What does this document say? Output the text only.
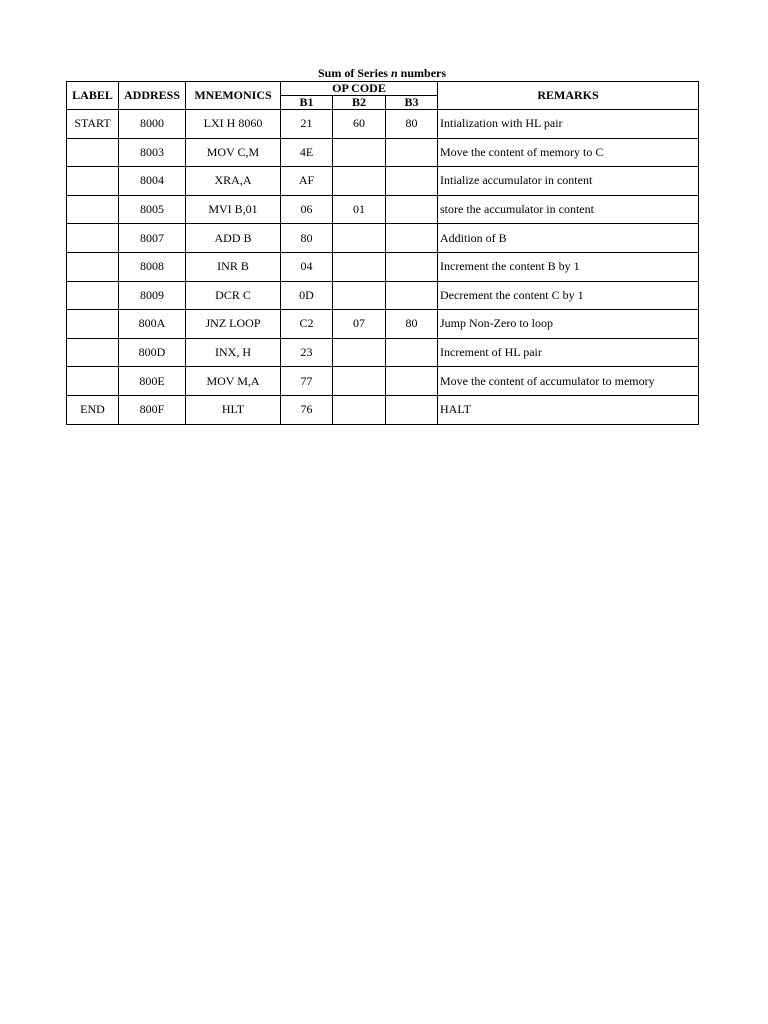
Sum of Series n numbers
LABEL	ADDRESS	MNEMONICS	OP CODE			REMARKS
			B1	B2	B3	
START	8000	LXI H 8060	21	60	80	Intialization with HL pair
	8003	MOV C,M	4E			Move the content of memory to C
	8004	XRA,A	AF			Intialize accumulator in content
	8005	MVI B,01	06	01		store the accumulator in content
	8007	ADD B	80			Addition of B
	8008	INR B	04			Increment the content B by 1
	8009	DCR C	0D			Decrement the content C by 1
	800A	JNZ LOOP	C2	07	80	Jump Non-Zero to loop
	800D	INX, H	23			Increment of HL pair
	800E	MOV M,A	77			Move the content of accumulator to memory
END	800F	HLT	76			HALT
